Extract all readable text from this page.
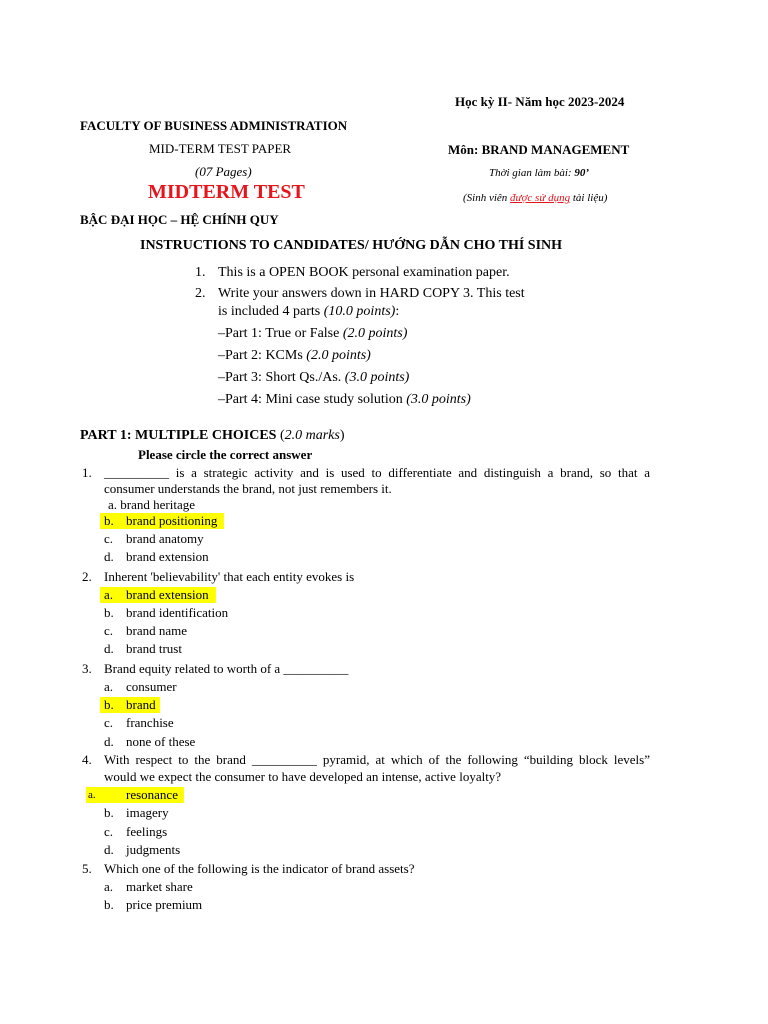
Học kỳ II- Năm học 2023-2024
FACULTY OF BUSINESS ADMINISTRATION
MID-TERM TEST PAPER	Môn: BRAND MANAGEMENT
(07 Pages)	Thời gian làm bài: 90’
MIDTERM TEST	(Sinh viên được sử dụng tài liệu)
BẬC ĐẠI HỌC – HỆ CHÍNH QUY
INSTRUCTIONS TO CANDIDATES/ HƯỚNG DẪN CHO THÍ SINH
1. This is a OPEN BOOK personal examination paper.
2. Write your answers down in HARD COPY 3. This test
is included 4 parts (10.0 points):
–Part 1: True or False (2.0 points)
–Part 2: KCMs (2.0 points)
–Part 3: Short Qs./As. (3.0 points)
–Part 4: Mini case study solution (3.0 points)
PART 1: MULTIPLE CHOICES (2.0 marks)
Please circle the correct answer
1. __________ is a strategic activity and is used to differentiate and distinguish a brand, so that a
consumer understands the brand, not just remembers it.
a. brand heritage
b. brand positioning
c. brand anatomy
d. brand extension
2. Inherent 'believability' that each entity evokes is
a. brand extension
b. brand identification
c. brand name
d. brand trust
3. Brand equity related to worth of a __________
a. consumer
b. brand
c. franchise
d. none of these
4. With respect to the brand __________ pyramid, at which of the following “building block levels”
would we expect the consumer to have developed an intense, active loyalty?
a. resonance
b. imagery
c. feelings
d. judgments
5. Which one of the following is the indicator of brand assets?
a. market share
b. price premium
